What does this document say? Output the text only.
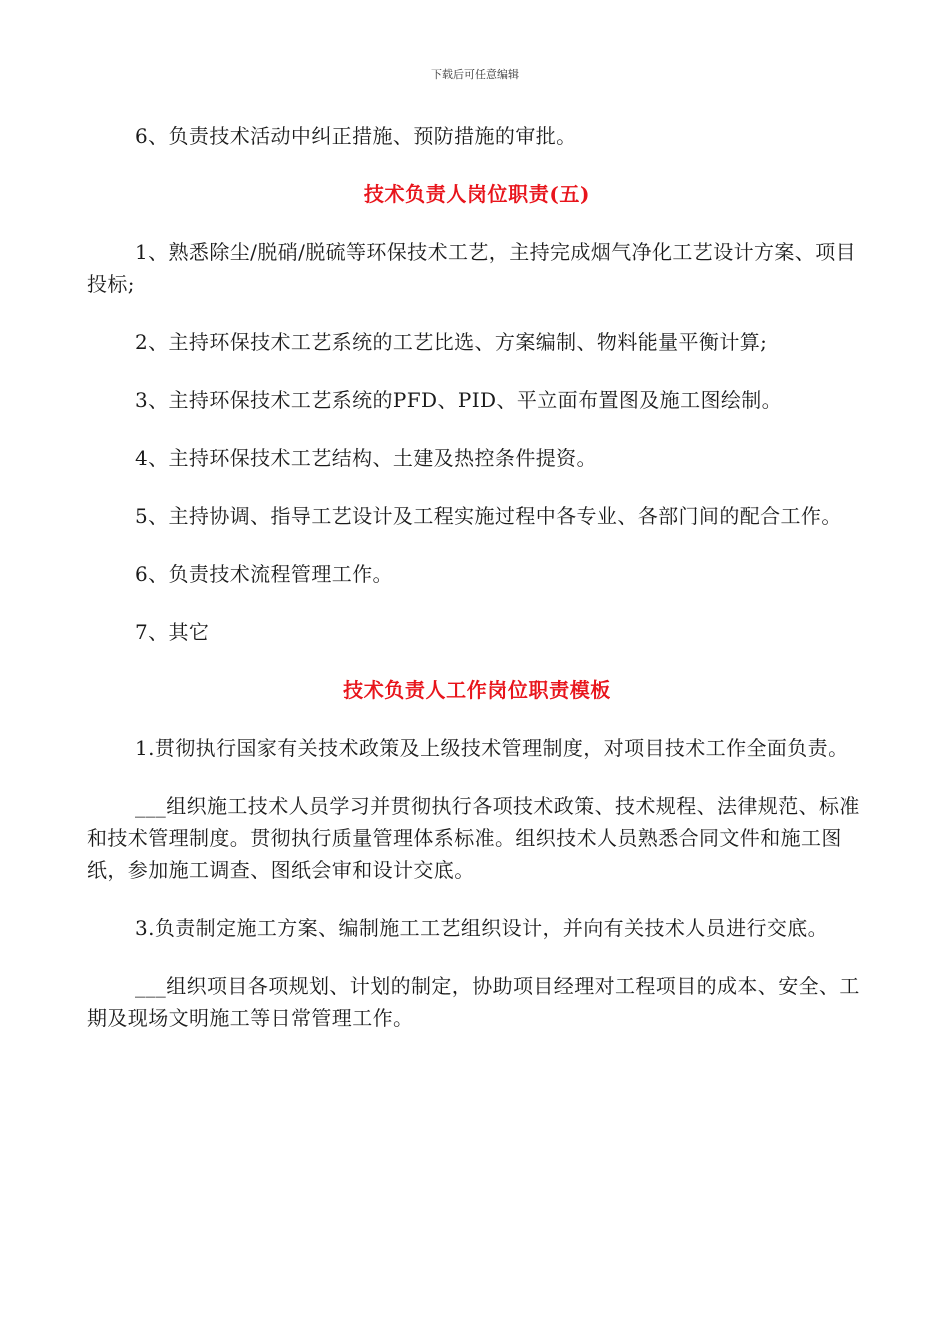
下载后可任意编辑

6、负责技术活动中纠正措施、预防措施的审批。

技术负责人岗位职责(五)

1、熟悉除尘/脱硝/脱硫等环保技术工艺，主持完成烟气净化工艺设计方案、项目投标;

2、主持环保技术工艺系统的工艺比选、方案编制、物料能量平衡计算;

3、主持环保技术工艺系统的PFD、PID、平立面布置图及施工图绘制。

4、主持环保技术工艺结构、土建及热控条件提资。

5、主持协调、指导工艺设计及工程实施过程中各专业、各部门间的配合工作。

6、负责技术流程管理工作。

7、其它

技术负责人工作岗位职责模板

1.贯彻执行国家有关技术政策及上级技术管理制度，对项目技术工作全面负责。

___组织施工技术人员学习并贯彻执行各项技术政策、技术规程、法律规范、标准和技术管理制度。贯彻执行质量管理体系标准。组织技术人员熟悉合同文件和施工图纸，参加施工调查、图纸会审和设计交底。

3.负责制定施工方案、编制施工工艺组织设计，并向有关技术人员进行交底。

___组织项目各项规划、计划的制定，协助项目经理对工程项目的成本、安全、工期及现场文明施工等日常管理工作。
